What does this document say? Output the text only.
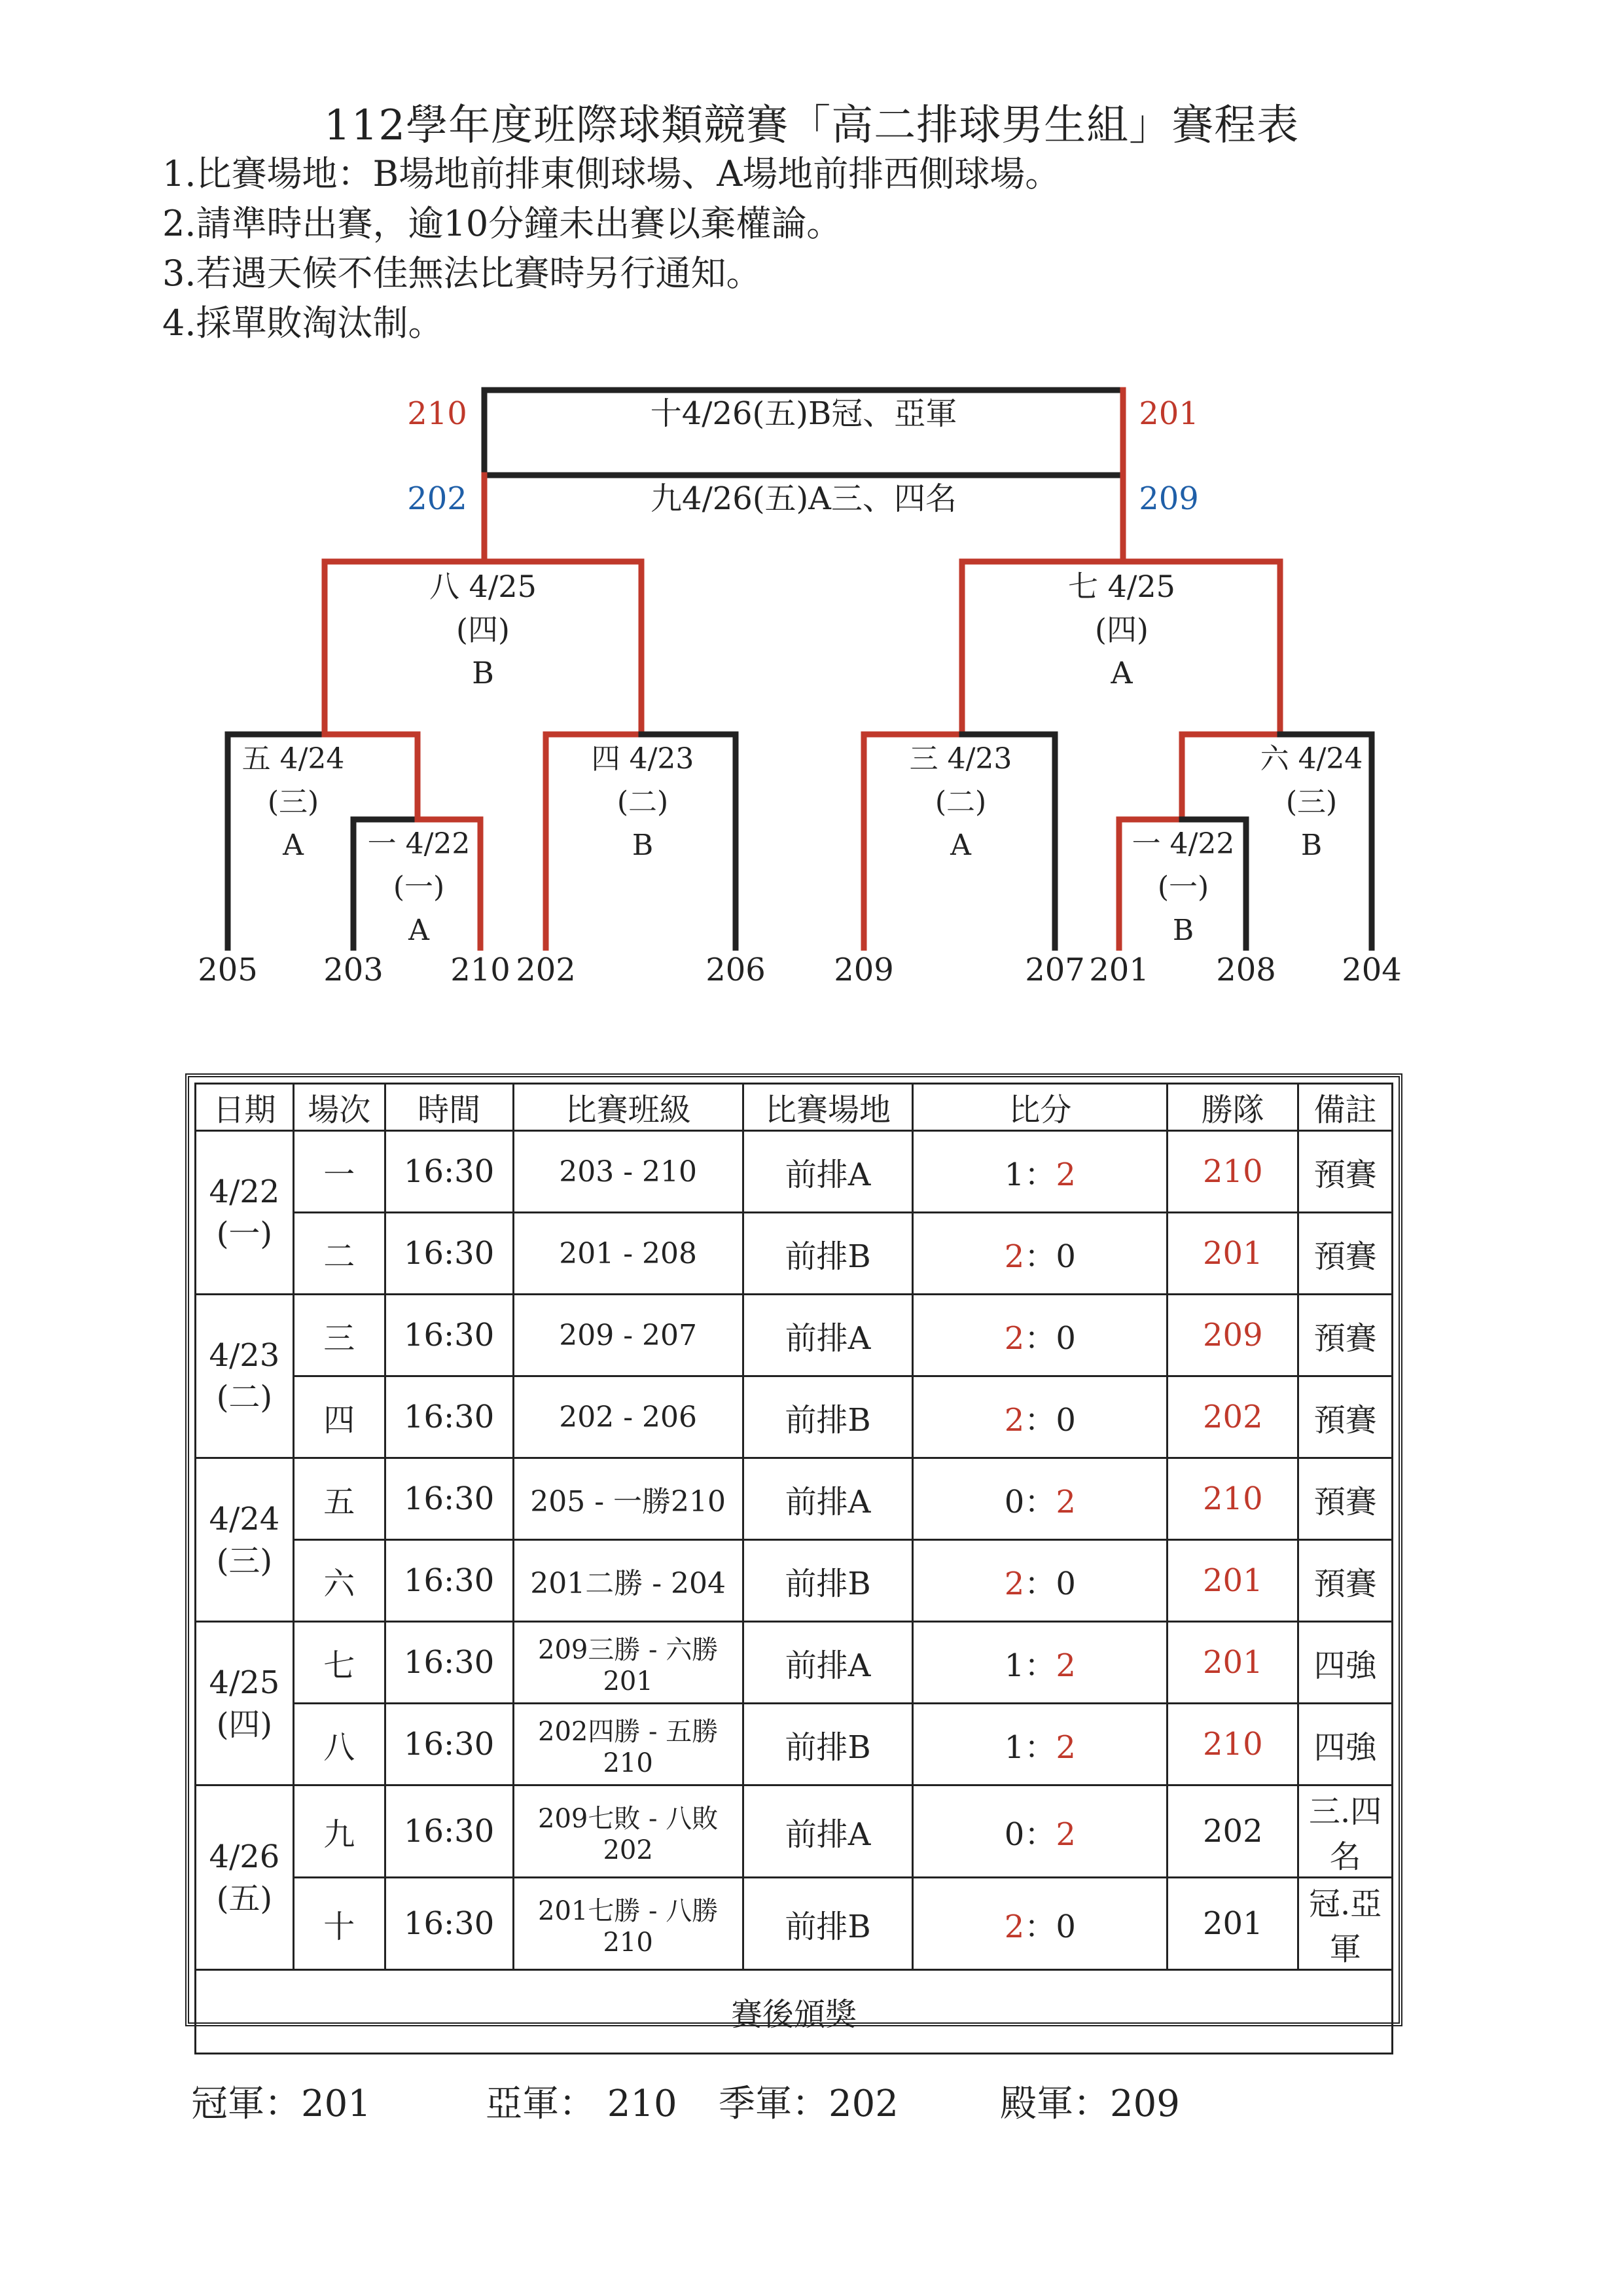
112學年度班際球類競賽「高二排球男生組」賽程表
1.比賽場地：B場地前排東側球場、A場地前排西側球場。
2.請準時出賽，逾10分鐘未出賽以棄權論。
3.若遇天候不佳無法比賽時另行通知。
4.採單敗淘汰制。
十4/26(五)B冠、亞軍
九4/26(五)A三、四名
210	201
202	209
八 4/25
(四)
B
七 4/25
(四)
A
五 4/24
(三)
A 一 4/22
(一)
A
四 4/23
(二)
B
三 4/23
(二)
A
六 4/24
(三)
B
一 4/22
(一)
B
205 203 210 202	206 209	207 201 208 204
日期	場次	時間	比賽班級	比賽場地	比分	勝隊	備註
4/22
(一)	一	16:30	203 - 210	前排A	1：2	210	預賽
	二	16:30	201 - 208	前排B	2：0	201	預賽
4/23
(二)	三	16:30	209 - 207	前排A	2：0	209	預賽
	四	16:30	202 - 206	前排B	2：0	202	預賽
4/24
(三)	五	16:30	205 - 一勝210	前排A	0：2	210	預賽
	六	16:30	201二勝 - 204	前排B	2：0	201	預賽
4/25
(四)	七	16:30	209三勝 - 六勝201	前排A	1：2	201	四強
	八	16:30	202四勝 - 五勝210	前排B	1：2	210	四強
4/26
(五)	九	16:30	209七敗 - 八敗202	前排A	0：2	202	三.四名
	十	16:30	201七勝 - 八勝210	前排B	2：0	201	冠.亞軍
賽後頒獎							
冠軍：201	亞軍： 210 季軍：202	殿軍：209
